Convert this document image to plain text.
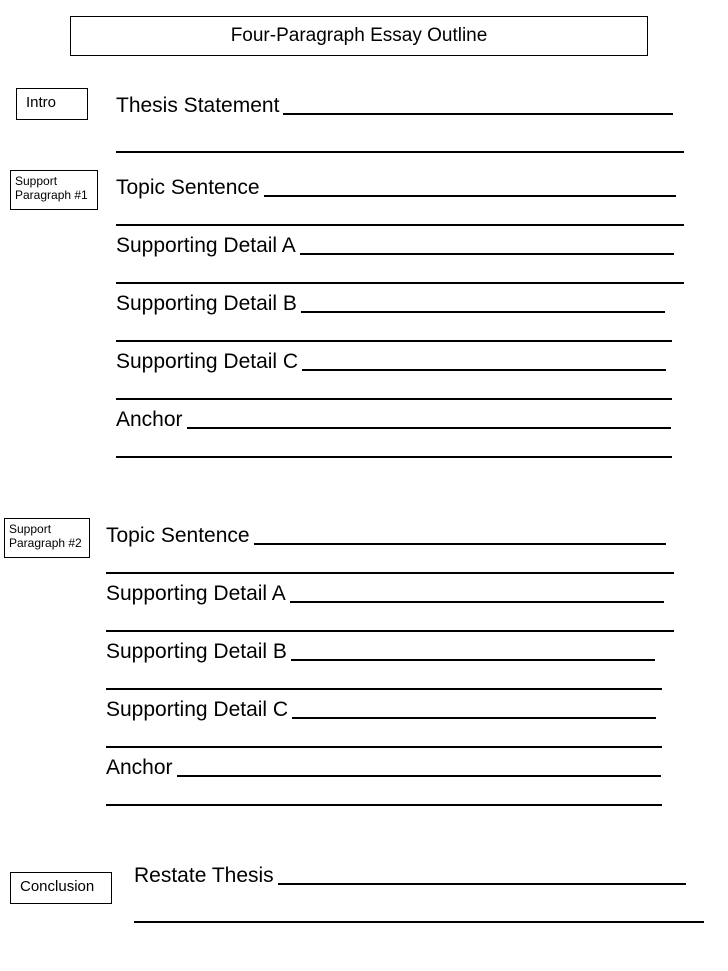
Four-Paragraph Essay Outline
Intro
Support
Paragraph #1
Support
Paragraph #2
Conclusion
Thesis Statement
Topic Sentence
Supporting Detail A
Supporting Detail B
Supporting Detail C
Anchor
Topic Sentence
Supporting Detail A
Supporting Detail B
Supporting Detail C
Anchor
Restate Thesis
